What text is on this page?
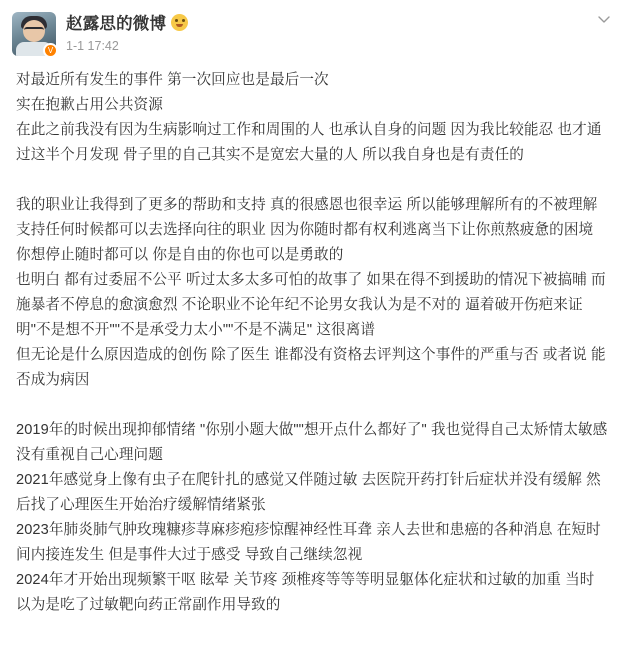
V
赵露思的微博
1-1 17:42

对最近所有发生的事件 第一次回应也是最后一次

实在抱歉占用公共资源

在此之前我没有因为生病影响过工作和周围的人 也承认自身的问题 因为我比较能忍 也才通过这半个月发现 骨子里的自己其实不是宽宏大量的人 所以我自身也是有责任的

我的职业让我得到了更多的帮助和支持 真的很感恩也很幸运 所以能够理解所有的不被理解

支持任何时候都可以去选择向往的职业 因为你随时都有权利逃离当下让你煎熬疲惫的困境 你想停止随时都可以 你是自由的你也可以是勇敢的

也明白 都有过委屈不公平 听过太多太多可怕的故事了 如果在得不到援助的情况下被搞晡 而施暴者不停息的愈演愈烈 不论职业不论年纪不论男女我认为是不对的 逼着破开伤疤来证明"不是想不开""不是承受力太小""不是不满足" 这很离谱

但无论是什么原因造成的创伤 除了医生 谁都没有资格去评判这个事件的严重与否 或者说 能否成为病因

2019年的时候出现抑郁情绪 "你别小题大做""想开点什么都好了" 我也觉得自己太矫情太敏感 没有重视自己心理问题

2021年感觉身上像有虫子在爬针扎的感觉又伴随过敏 去医院开药打针后症状并没有缓解 然后找了心理医生开始治疗缓解情绪紧张

2023年肺炎肺气肿玫瑰糠疹荨麻疹疱疹惊醒神经性耳聋 亲人去世和患癌的各种消息 在短时间内接连发生 但是事件大过于感受 导致自己继续忽视

2024年才开始出现频繁干呕 眩晕 关节疼 颈椎疼等等等明显躯体化症状和过敏的加重 当时以为是吃了过敏靶向药正常副作用导致的
